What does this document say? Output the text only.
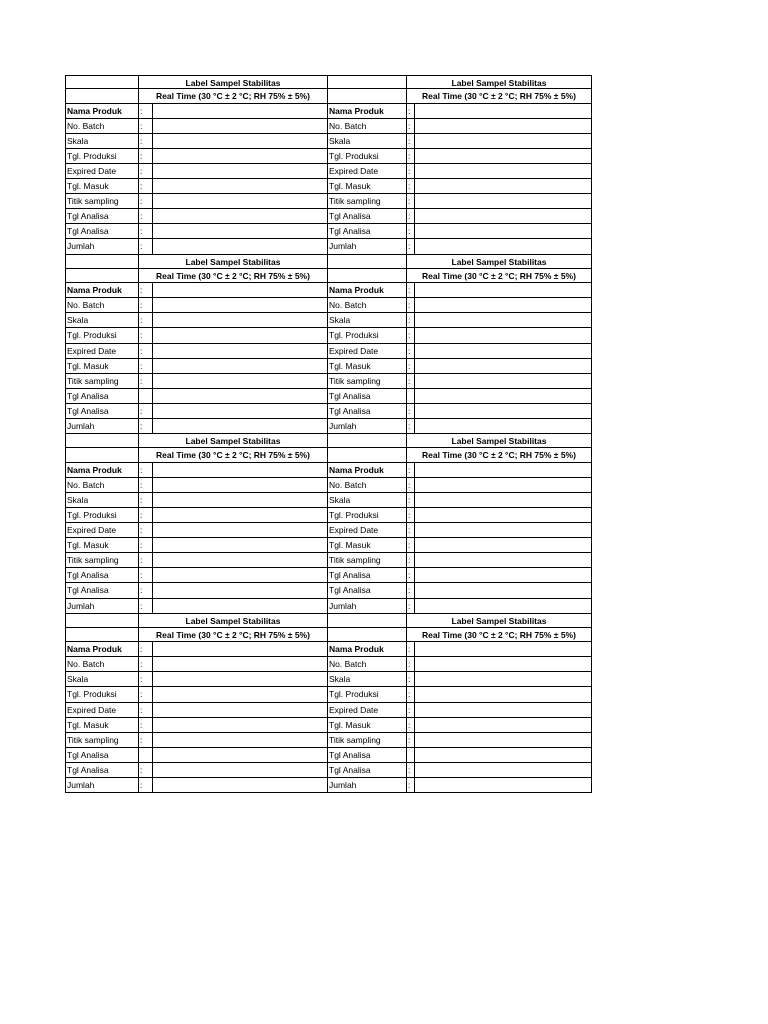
Label Sampel Stabilitas	Label Sampel Stabilitas
Real Time (30 °C ± 2 °C; RH 75% ± 5%)	Real Time (30 °C ± 2 °C; RH 75% ± 5%)
Nama Produk	:	Nama Produk	:
No. Batch	:	No. Batch	:
Skala	:	Skala	:
Tgl. Produksi	:	Tgl. Produksi	:
Expired Date	:	Expired Date	:
Tgl. Masuk	:	Tgl. Masuk	:
Titik sampling	:	Titik sampling	:
Tgl Analisa	:	Tgl Analisa	:
Tgl Analisa	:	Tgl Analisa	:
Jumlah	:	Jumlah	:
Label Sampel Stabilitas	Label Sampel Stabilitas
Real Time (30 °C ± 2 °C; RH 75% ± 5%)	Real Time (30 °C ± 2 °C; RH 75% ± 5%)
Nama Produk	:	Nama Produk	:
No. Batch	:	No. Batch	:
Skala	:	Skala	:
Tgl. Produksi	:	Tgl. Produksi	:
Expired Date	:	Expired Date	:
Tgl. Masuk	:	Tgl. Masuk	:
Titik sampling	:	Titik sampling	:
Tgl Analisa	Tgl Analisa
Tgl Analisa	:	Tgl Analisa	:
Jumlah	:	Jumlah	:
Label Sampel Stabilitas	Label Sampel Stabilitas
Real Time (30 °C ± 2 °C; RH 75% ± 5%)	Real Time (30 °C ± 2 °C; RH 75% ± 5%)
Nama Produk	:	Nama Produk	:
No. Batch	:	No. Batch	:
Skala	:	Skala	:
Tgl. Produksi	:	Tgl. Produksi	:
Expired Date	:	Expired Date	:
Tgl. Masuk	:	Tgl. Masuk	:
Titik sampling	:	Titik sampling	:
Tgl Analisa	:	Tgl Analisa	:
Tgl Analisa	:	Tgl Analisa	:
Jumlah	:	Jumlah	:
Label Sampel Stabilitas	Label Sampel Stabilitas
Real Time (30 °C ± 2 °C; RH 75% ± 5%)	Real Time (30 °C ± 2 °C; RH 75% ± 5%)
Nama Produk	:	Nama Produk	:
No. Batch	:	No. Batch	:
Skala	:	Skala	:
Tgl. Produksi	:	Tgl. Produksi	:
Expired Date	:	Expired Date	:
Tgl. Masuk	:	Tgl. Masuk	:
Titik sampling	:	Titik sampling	:
Tgl Analisa	Tgl Analisa
Tgl Analisa	:	Tgl Analisa	:
Jumlah	:	Jumlah	:
